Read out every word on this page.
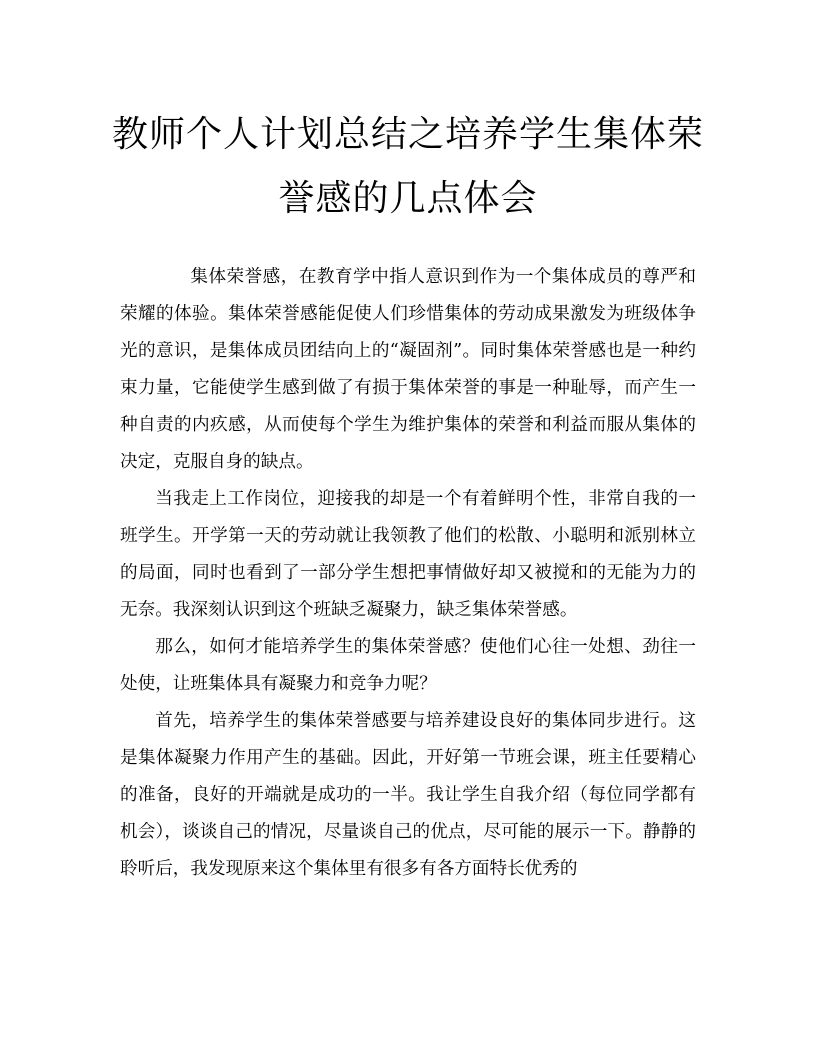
教师个人计划总结之培养学生集体荣
誉感的几点体会

集体荣誉感，在教育学中指人意识到作为一个集体成员的尊严和荣耀的体验。集体荣誉感能促使人们珍惜集体的劳动成果激发为班级体争光的意识，是集体成员团结向上的“凝固剂”。同时集体荣誉感也是一种约束力量，它能使学生感到做了有损于集体荣誉的事是一种耻辱，而产生一种自责的内疚感，从而使每个学生为维护集体的荣誉和利益而服从集体的决定，克服自身的缺点。

当我走上工作岗位，迎接我的却是一个有着鲜明个性，非常自我的一班学生。开学第一天的劳动就让我领教了他们的松散、小聪明和派别林立的局面，同时也看到了一部分学生想把事情做好却又被搅和的无能为力的无奈。我深刻认识到这个班缺乏凝聚力，缺乏集体荣誉感。

那么，如何才能培养学生的集体荣誉感？使他们心往一处想、劲往一处使，让班集体具有凝聚力和竞争力呢？

首先，培养学生的集体荣誉感要与培养建设良好的集体同步进行。这是集体凝聚力作用产生的基础。因此，开好第一节班会课，班主任要精心的准备，良好的开端就是成功的一半。我让学生自我介绍（每位同学都有机会），谈谈自己的情况，尽量谈自己的优点，尽可能的展示一下。静静的聆听后，我发现原来这个集体里有很多有各方面特长优秀的
